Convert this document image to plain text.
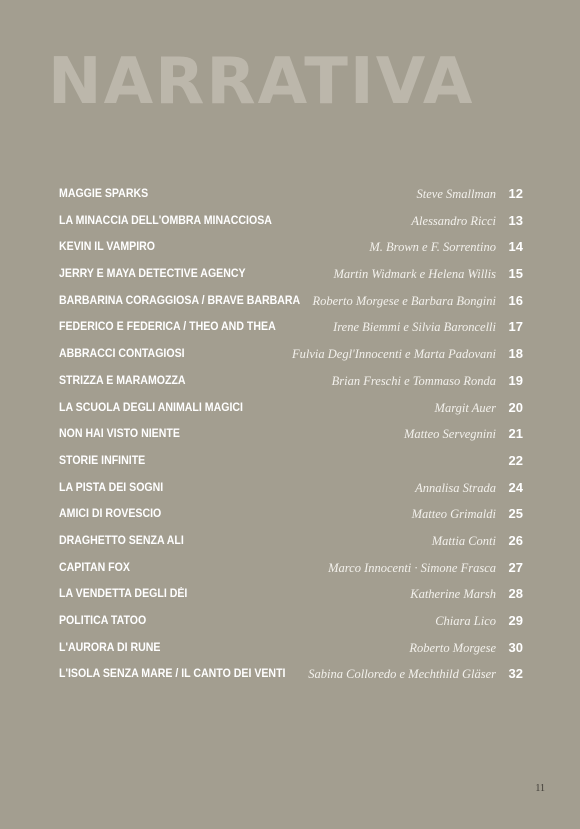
NARRATIVA
MAGGIE SPARKS	Steve Smallman 12
LA MINACCIA DELL'OMBRA MINACCIOSA	Alessandro Ricci 13
KEVIN IL VAMPIRO	M. Brown e F. Sorrentino 14
JERRY E MAYA DETECTIVE AGENCY	Martin Widmark e Helena Willis 15
BARBARINA CORAGGIOSA / BRAVE BARBARA Roberto Morgese e Barbara Bongini 16
FEDERICO E FEDERICA / THEO AND THEA	Irene Biemmi e Silvia Baroncelli 17
ABBRACCI CONTAGIOSI	Fulvia Degl'Innocenti e Marta Padovani 18
STRIZZA E MARAMOZZA	Brian Freschi e Tommaso Ronda 19
LA SCUOLA DEGLI ANIMALI MAGICI	Margit Auer 20
NON HAI VISTO NIENTE	Matteo Servegnini 21
STORIE INFINITE	22
LA PISTA DEI SOGNI	Annalisa Strada 24
AMICI DI ROVESCIO	Matteo Grimaldi 25
DRAGHETTO SENZA ALI	Mattia Conti 26
CAPITAN FOX	Marco Innocenti · Simone Frasca 27
LA VENDETTA DEGLI DÈI	Katherine Marsh 28
POLITICA TATOO	Chiara Lico 29
L'AURORA DI RUNE	Roberto Morgese 30
L'ISOLA SENZA MARE / IL CANTO DEI VENTI Sabina Colloredo e Mechthild Gläser 32
11
